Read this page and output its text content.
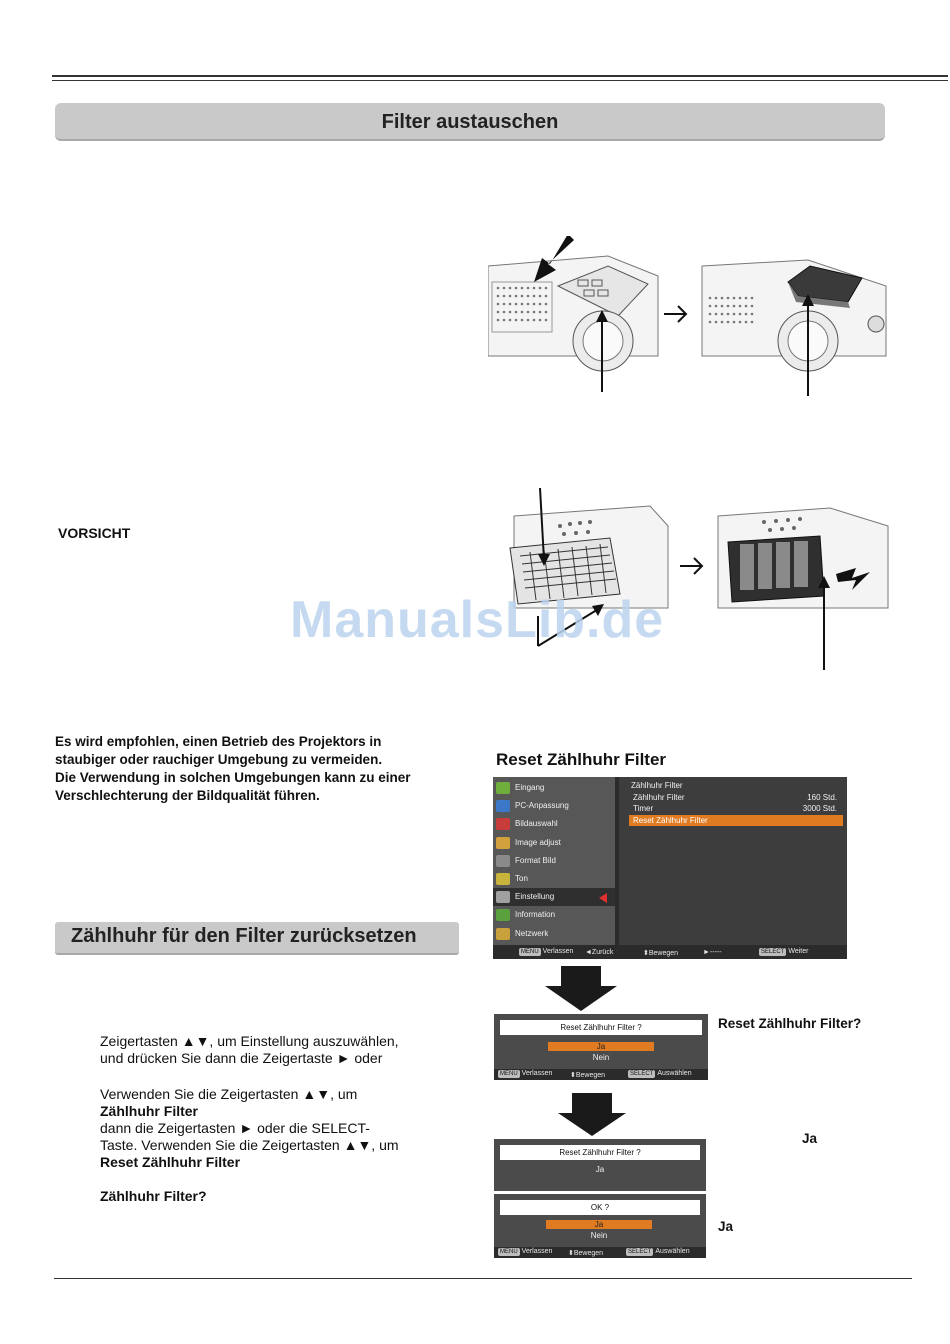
Filter austauschen
VORSICHT
ManualsLib.de
Es wird empfohlen, einen Betrieb des Projektors in
staubiger oder rauchiger Umgebung zu vermeiden.
Die Verwendung in solchen Umgebungen kann zu einer
Verschlechterung der Bildqualität führen.
Reset Zählhuhr Filter
Eingang
PC-Anpassung
Bildauswahl
Image adjust
Format Bild
Ton
Einstellung
Information
Netzwerk
Zählhuhr Filter
Zählhuhr Filter	160 Std.
Timer	3000 Std.
Reset Zählhuhr Filter
MENU Verlassen ◄Zurück	⬍Bewegen	►-----	SELECT Weiter
Zählhuhr für den Filter zurücksetzen
Reset Zählhuhr Filter ?
Ja
Nein
MENU Verlassen	⬍Bewegen	SELECT Auswählen
Reset Zählhuhr Filter?
Zeigertasten ▲▼, um Einstellung auszuwählen,
und drücken Sie dann die Zeigertaste ► oder
Verwenden Sie die Zeigertasten ▲▼, um
Zählhuhr Filter
dann die Zeigertasten ► oder die SELECT-
Taste. Verwenden Sie die Zeigertasten ▲▼, um
Reset Zählhuhr Filter
Zählhuhr Filter?
Reset Zählhuhr Filter ?
Ja
Ja
OK ?
Ja
Nein
MENU Verlassen ⬍Bewegen	SELECT Auswählen
Ja
